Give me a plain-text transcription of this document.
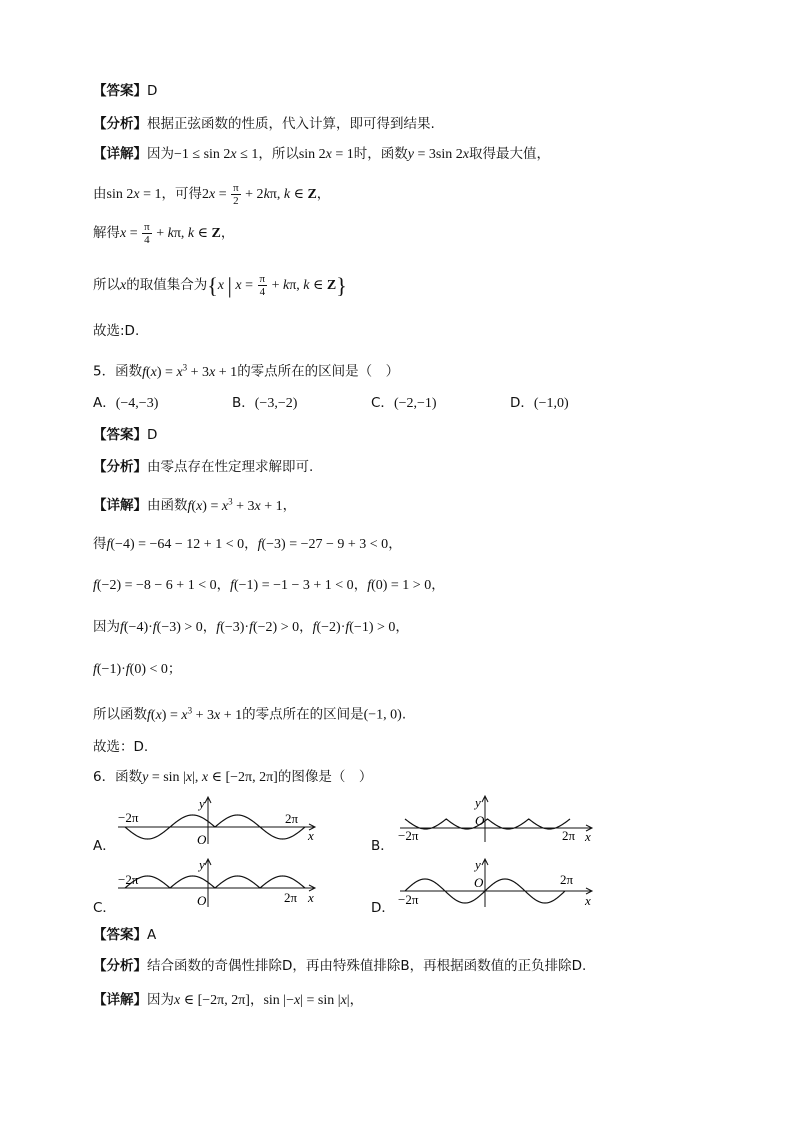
【答案】D
【分析】根据正弦函数的性质，代入计算，即可得到结果.
【详解】因为−1 ≤ sin 2x ≤ 1，所以sin 2x = 1时，函数y = 3sin 2x取得最大值，
由sin 2x = 1，可得$2x = \frac{\pi}{2} + 2k\pi$, k ∈ Z，
解得$x = \frac{\pi}{4} + k\pi$, k ∈ Z，
所以x的取值集合为{x | $x = \frac{\pi}{4} + k\pi$, k ∈ Z}
故选:D.
5．函数$f(x) = x^3 + 3x + 1$的零点所在的区间是（　）
A．(−4,−3)	B．(−3,−2)	C．(−2,−1)	D．(−1,0)
【答案】D
【分析】由零点存在性定理求解即可.
【详解】由函数$f(x) = x^3 + 3x + 1$，
得f(−4) = −64 − 12 + 1 < 0，f(−3) = −27 − 9 + 3 < 0，
f(−2) = −8 − 6 + 1 < 0，f(−1) = −1 − 3 + 1 < 0，f(0) = 1 > 0，
因为f(−4)·f(−3) > 0，f(−3)·f(−2) > 0，f(−2)·f(−1) > 0，
f(−1)·f(0) < 0；
所以函数$f(x) = x^3 + 3x + 1$的零点所在的区间是(−1, 0).
故选：D.
6．函数y = sin |x|, x ∈ [−2π, 2π]的图像是（　）
A．	B．
C．	D．
−2π	2π
y
x
O	−2π	2π
y
x
O
−2π
2π
y
x
O	−2π
2π
y
x
O
【答案】A
【分析】结合函数的奇偶性排除D，再由特殊值排除B，再根据函数值的正负排除D.
【详解】因为x ∈ [−2π, 2π]，sin |−x| = sin |x|，
